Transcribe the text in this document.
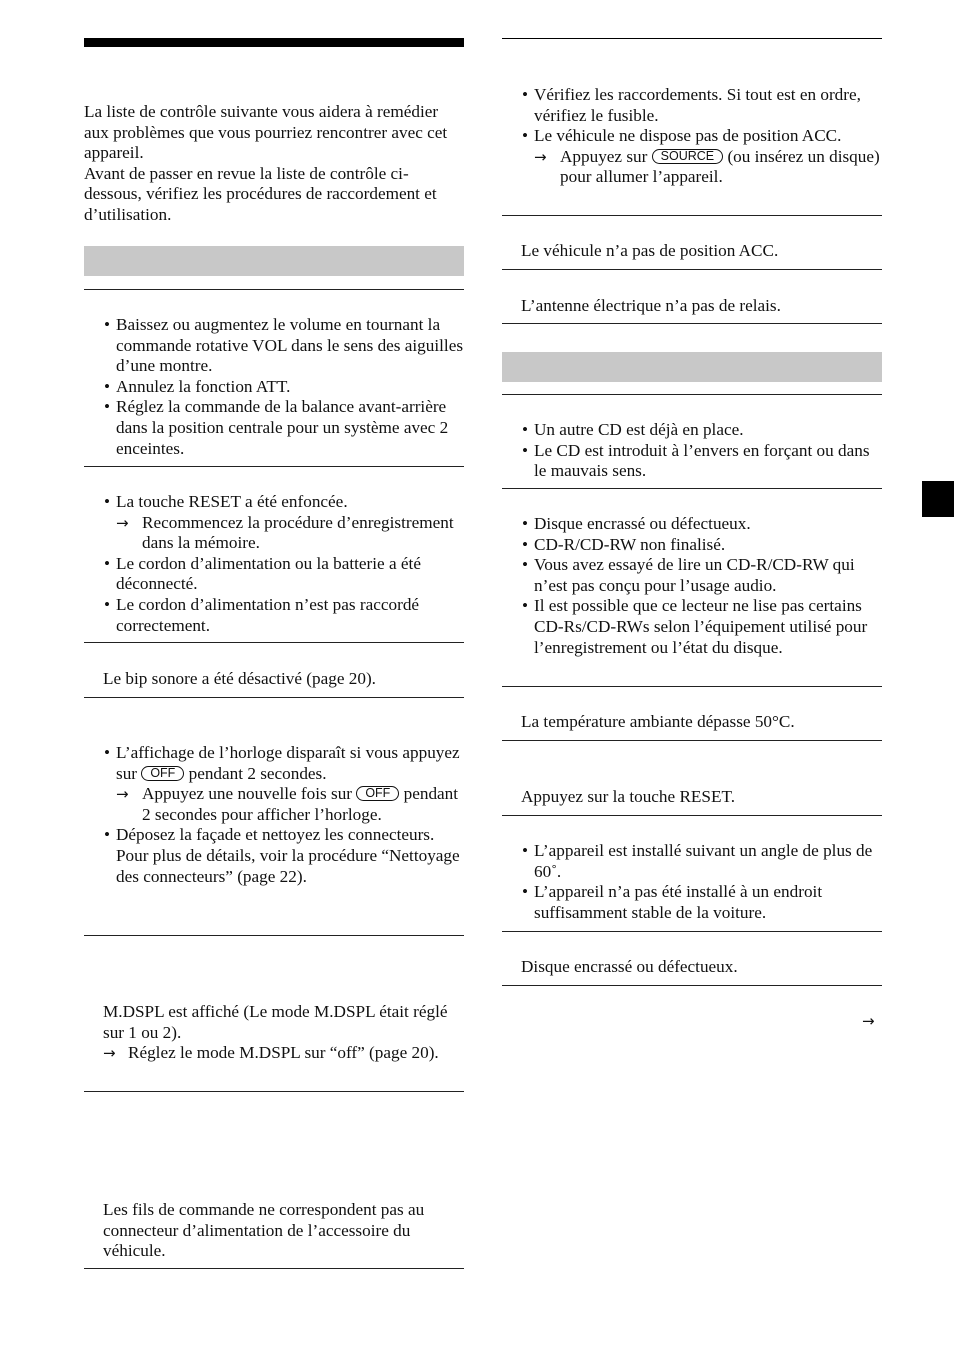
La liste de contrôle suivante vous aidera à remédier aux problèmes que vous pourriez rencontrer avec cet appareil.

Avant de passer en revue la liste de contrôle ci-dessous, vérifiez les procédures de raccordement et d’utilisation.

• Baissez ou augmentez le volume en tournant la commande rotative VOL dans le sens des aiguilles d’une montre.
• Annulez la fonction ATT.
• Réglez la commande de la balance avant-arrière dans la position centrale pour un système avec 2 enceintes.
• La touche RESET a été enfoncée.
→ Recommencez la procédure d’enregistrement dans la mémoire.
• Le cordon d’alimentation ou la batterie a été déconnecté.
• Le cordon d’alimentation n’est pas raccordé correctement.

Le bip sonore a été désactivé (page 20).

• L’affichage de l’horloge disparaît si vous appuyez sur OFF pendant 2 secondes.
→ Appuyez une nouvelle fois sur OFF pendant 2 secondes pour afficher l’horloge.
• Déposez la façade et nettoyez les connecteurs. Pour plus de détails, voir la procédure “Nettoyage des connecteurs” (page 22).

M.DSPL est affiché (Le mode M.DSPL était réglé sur 1 ou 2).

→ Réglez le mode M.DSPL sur “off” (page 20).

Les fils de commande ne correspondent pas au connecteur d’alimentation de l’accessoire du véhicule.

• Vérifiez les raccordements. Si tout est en ordre, vérifiez le fusible.
• Le véhicule ne dispose pas de position ACC.
→ Appuyez sur SOURCE (ou insérez un disque) pour allumer l’appareil.

Le véhicule n’a pas de position ACC.

L’antenne électrique n’a pas de relais.

• Un autre CD est déjà en place.
• Le CD est introduit à l’envers en forçant ou dans le mauvais sens.
• Disque encrassé ou défectueux.
• CD-R/CD-RW non finalisé.
• Vous avez essayé de lire un CD-R/CD-RW qui n’est pas conçu pour l’usage audio.
• Il est possible que ce lecteur ne lise pas certains CD-Rs/CD-RWs selon l’équipement utilisé pour l’enregistrement ou l’état du disque.

La température ambiante dépasse 50°C.

Appuyez sur la touche RESET.

• L’appareil est installé suivant un angle de plus de 60˚.
• L’appareil n’a pas été installé à un endroit suffisamment stable de la voiture.

Disque encrassé ou défectueux.

→
